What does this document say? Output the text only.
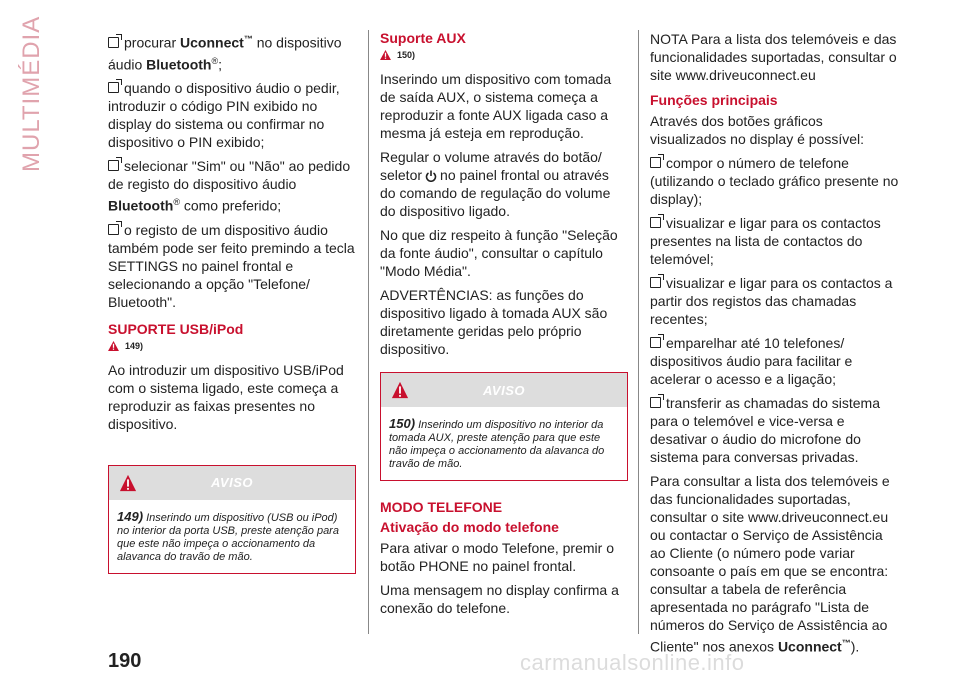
MULTIMÉDIA	procurar Uconnect™ no dispositivo áudio Bluetooth®;

quando o dispositivo áudio o pedir, introduzir o código PIN exibido no display do sistema ou confirmar no dispositivo o PIN exibido;

selecionar "Sim" ou "Não" ao pedido de registo do dispositivo áudio Bluetooth® como preferido;

o registo de um dispositivo áudio também pode ser feito premindo a tecla SETTINGS no painel frontal e selecionando a opção "Telefone/ Bluetooth".

SUPORTE USB/iPod
149)

Ao introduzir um dispositivo USB/iPod com o sistema ligado, este começa a reproduzir as faixas presentes no dispositivo.

AVISO
149) Inserindo um dispositivo (USB ou iPod) no interior da porta USB, preste atenção para que este não impeça o accionamento da alavanca do travão de mão.
Suporte AUX
150)

Inserindo um dispositivo com tomada de saída AUX, o sistema começa a reproduzir a fonte AUX ligada caso a mesma já esteja em reprodução.

Regular o volume através do botão/ seletor no painel frontal ou através do comando de regulação do volume do dispositivo ligado.

No que diz respeito à função "Seleção da fonte áudio", consultar o capítulo "Modo Média".

ADVERTÊNCIAS: as funções do dispositivo ligado à tomada AUX são diretamente geridas pelo próprio dispositivo.

AVISO
150) Inserindo um dispositivo no interior da tomada AUX, preste atenção para que este não impeça o accionamento da alavanca do travão de mão.
MODO TELEFONE
Ativação do modo telefone

Para ativar o modo Telefone, premir o botão PHONE no painel frontal.

Uma mensagem no display confirma a conexão do telefone.

NOTA Para a lista dos telemóveis e das funcionalidades suportadas, consultar o site www.driveuconnect.eu

Funções principais

Através dos botões gráficos visualizados no display é possível:

compor o número de telefone (utilizando o teclado gráfico presente no display);

visualizar e ligar para os contactos presentes na lista de contactos do telemóvel;

visualizar e ligar para os contactos a partir dos registos das chamadas recentes;

emparelhar até 10 telefones/ dispositivos áudio para facilitar e acelerar o acesso e a ligação;

transferir as chamadas do sistema para o telemóvel e vice-versa e desativar o áudio do microfone do sistema para conversas privadas.

Para consultar a lista dos telemóveis e das funcionalidades suportadas, consultar o site www.driveuconnect.eu ou contactar o Serviço de Assistência ao Cliente (o número pode variar consoante o país em que se encontra: consultar a tabela de referência apresentada no parágrafo "Lista de números do Serviço de Assistência ao Cliente" nos anexos Uconnect™).

190	carmanualsonline.info
